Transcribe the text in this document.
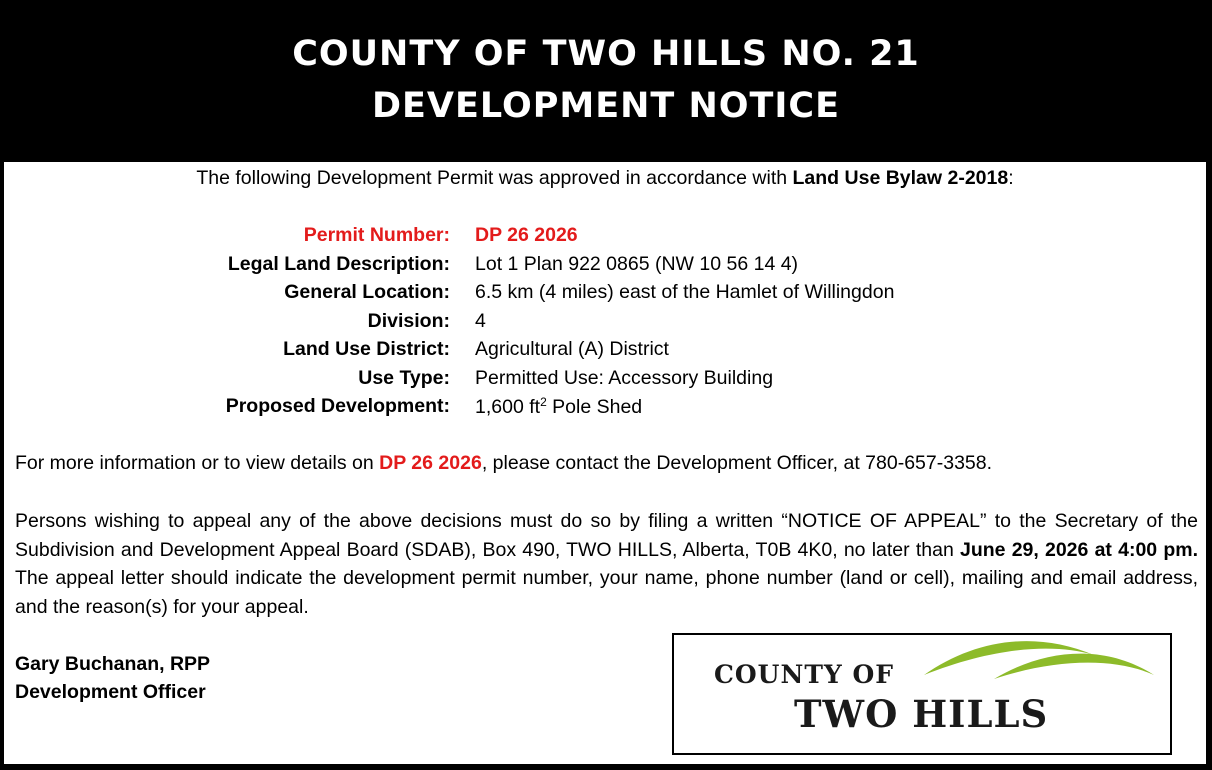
COUNTY OF TWO HILLS NO. 21
DEVELOPMENT NOTICE
The following Development Permit was approved in accordance with Land Use Bylaw 2-2018:
Permit Number: DP 26 2026
Legal Land Description: Lot 1 Plan 922 0865 (NW 10 56 14 4)
General Location: 6.5 km (4 miles) east of the Hamlet of Willingdon
Division: 4
Land Use District: Agricultural (A) District
Use Type: Permitted Use: Accessory Building
Proposed Development: 1,600 $ft^2$ Pole Shed
For more information or to view details on DP 26 2026, please contact the Development Officer, at 780-657-3358.
Persons wishing to appeal any of the above decisions must do so by filing a written “NOTICE OF APPEAL” to the Secretary of the Subdivision and Development Appeal Board (SDAB), Box 490, TWO HILLS, Alberta, T0B 4K0, no later than June 29, 2026 at 4:00 pm.  The appeal letter should indicate the development permit number, your name, phone number (land or cell), mailing and email address, and the reason(s) for your appeal.
Gary Buchanan, RPP
Development Officer
COUNTY OF
TWO HILLS
